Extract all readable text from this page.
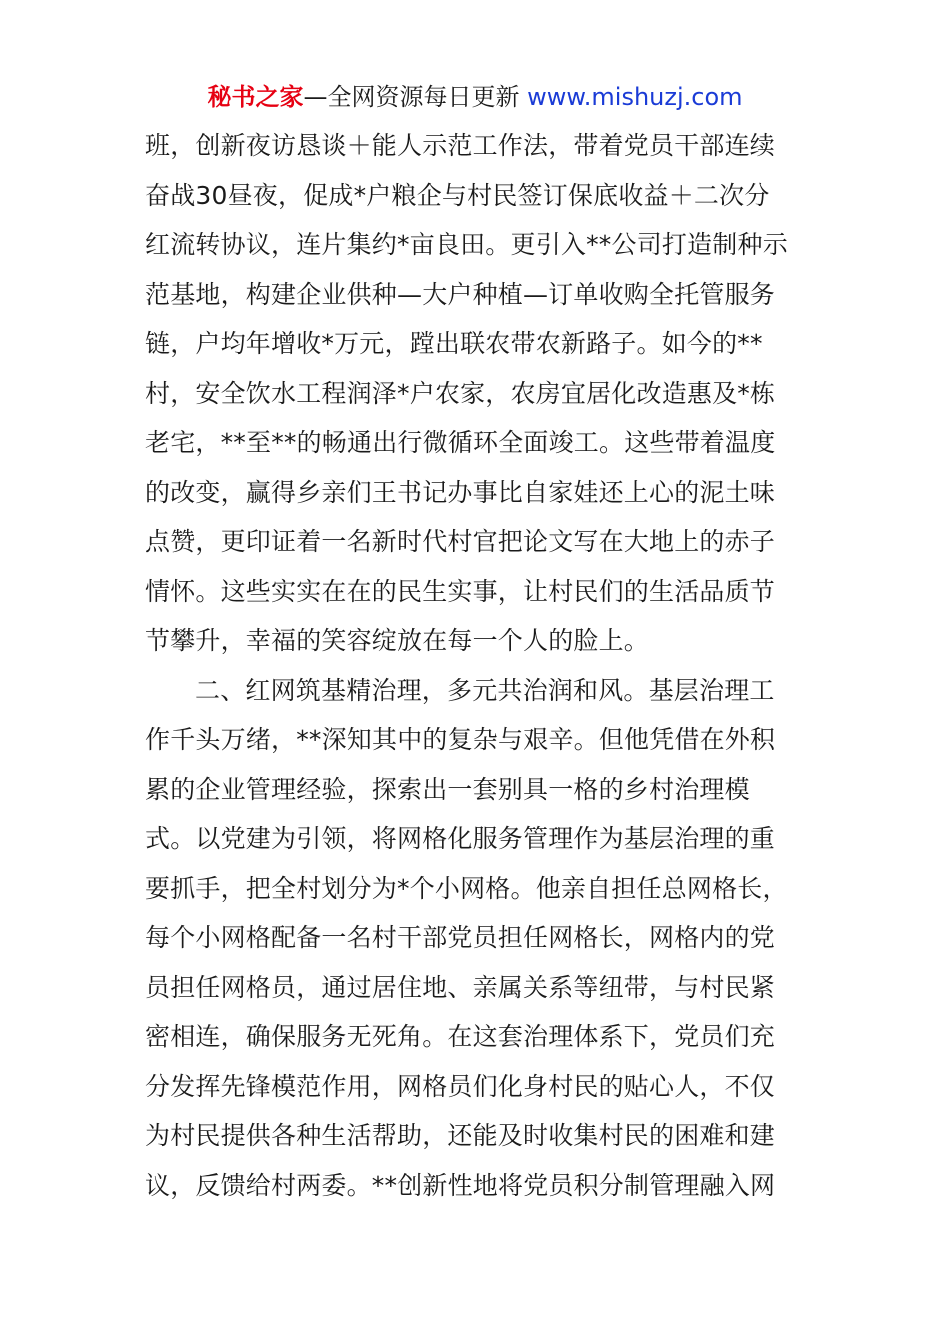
秘书之家—全网资源每日更新 www.mishuzj.com
班，创新夜访恳谈＋能人示范工作法，带着党员干部连续
奋战30昼夜，促成*户粮企与村民签订保底收益＋二次分
红流转协议，连片集约*亩良田。更引入**公司打造制种示
范基地，构建企业供种—大户种植—订单收购全托管服务
链，户均年增收*万元，蹚出联农带农新路子。如今的**
村，安全饮水工程润泽*户农家，农房宜居化改造惠及*栋
老宅，**至**的畅通出行微循环全面竣工。这些带着温度
的改变，赢得乡亲们王书记办事比自家娃还上心的泥土味
点赞，更印证着一名新时代村官把论文写在大地上的赤子
情怀。这些实实在在的民生实事，让村民们的生活品质节
节攀升，幸福的笑容绽放在每一个人的脸上。
二、红网筑基精治理，多元共治润和风。基层治理工
作千头万绪，**深知其中的复杂与艰辛。但他凭借在外积
累的企业管理经验，探索出一套别具一格的乡村治理模
式。以党建为引领，将网格化服务管理作为基层治理的重
要抓手，把全村划分为*个小网格。他亲自担任总网格长，
每个小网格配备一名村干部党员担任网格长，网格内的党
员担任网格员，通过居住地、亲属关系等纽带，与村民紧
密相连，确保服务无死角。在这套治理体系下，党员们充
分发挥先锋模范作用，网格员们化身村民的贴心人，不仅
为村民提供各种生活帮助，还能及时收集村民的困难和建
议，反馈给村两委。**创新性地将党员积分制管理融入网
